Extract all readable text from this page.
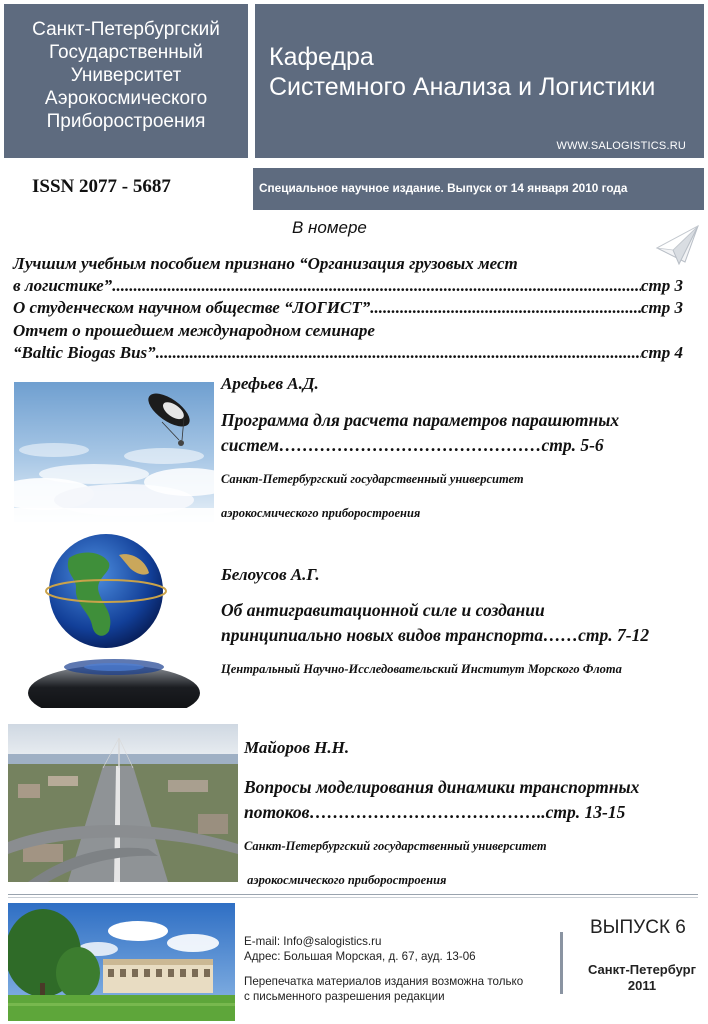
Санкт-Петербургский
Государственный
Университет
Аэрокосмического
Приборостроения
Кафедра
Системного Анализа и Логистики
WWW.SALOGISTICS.RU
ISSN 2077 - 5687	Специальное научное издание. Выпуск от 14 января 2010 года
В номере
Лучшим учебным пособием признано “Организация грузовых мест
в логистике” .....	стр 3
О студенческом научном обществе “ЛОГИСТ” .....	стр 3
Отчет о прошедшем международном семинаре
“Baltic Biogas Bus” .....	стр 4
Арефьев А.Д.
Программа для расчета параметров парашютных
систем………………………………………стр. 5-6
Санкт-Петербургский государственный университет
аэрокосмического приборостроения
Белоусов А.Г.
Об антигравитационной силе и создании
принципиально новых видов транспорта……стр. 7-12
Центральный Научно-Исследовательский Институт Морского Флота
Майоров Н.Н.
Вопросы моделирования динамики транспортных
потоков…………………………………..стр. 13-15
Санкт-Петербургский государственный университет
аэрокосмического приборостроения
E-mail: Info@salogistics.ru
Адрес: Большая Морская, д. 67, ауд. 13-06
Перепечатка материалов издания возможна только
с письменного разрешения редакции
ВЫПУСК 6
Санкт-Петербург
2011
